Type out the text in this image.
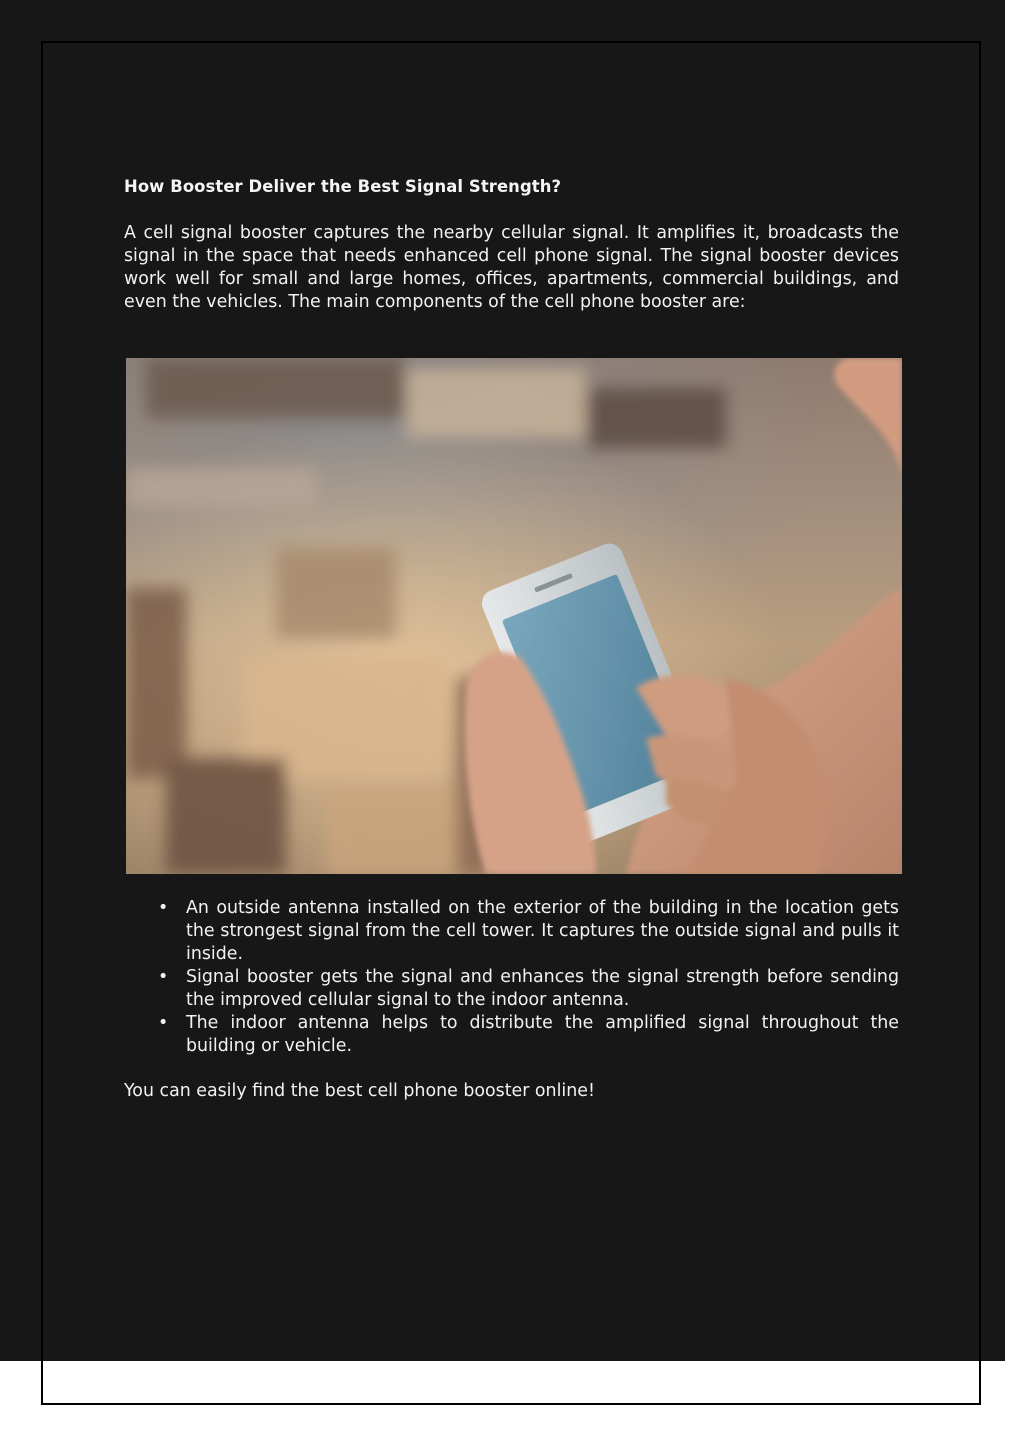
How Booster Deliver the Best Signal Strength?
A cell signal booster captures the nearby cellular signal. It amplifies it, broadcasts the signal in the space that needs enhanced cell phone signal. The signal booster devices work well for small and large homes, offices, apartments, commercial buildings, and even the vehicles. The main components of the cell phone booster are:
• An outside antenna installed on the exterior of the building in the location gets the strongest signal from the cell tower. It captures the outside signal and pulls it inside.
• Signal booster gets the signal and enhances the signal strength before sending the improved cellular signal to the indoor antenna.
• The indoor antenna helps to distribute the amplified signal throughout the building or vehicle.
You can easily find the best cell phone booster online!
